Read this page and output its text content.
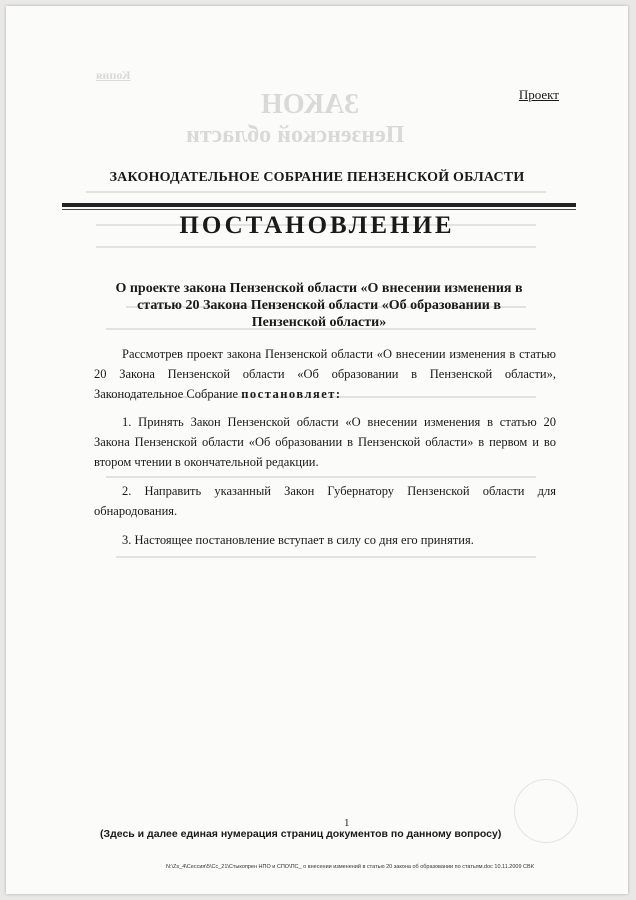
Копия
ЗАКОН
Пензенской области
Проект
ЗАКОНОДАТЕЛЬНОЕ СОБРАНИЕ ПЕНЗЕНСКОЙ ОБЛАСТИ
ПОСТАНОВЛЕНИЕ
О проекте закона Пензенской области «О внесении изменения в статью 20 Закона Пензенской области «Об образовании в Пензенской области»
Рассмотрев проект закона Пензенской области «О внесении изменения в статью 20 Закона Пензенской области «Об образовании в Пензенской области», Законодательное Собрание постановляет:
1. Принять Закон Пензенской области «О внесении изменения в статью 20 Закона Пензенской области «Об образовании в Пензенской области» в первом и во втором чтении в окончательной редакции.
2. Направить указанный Закон Губернатору Пензенской области для обнародования.
3. Настоящее постановление вступает в силу со дня его принятия.
1
(Здесь и далее единая нумерация страниц документов по данному вопросу)
N:\Zs_4\Сессия\5\Сс_21\Стыкопрен НПО и СПО\ПС_ о внесении изменений в статью 20 закона об образовании по статьям.doc 10.11.2009 СВК
